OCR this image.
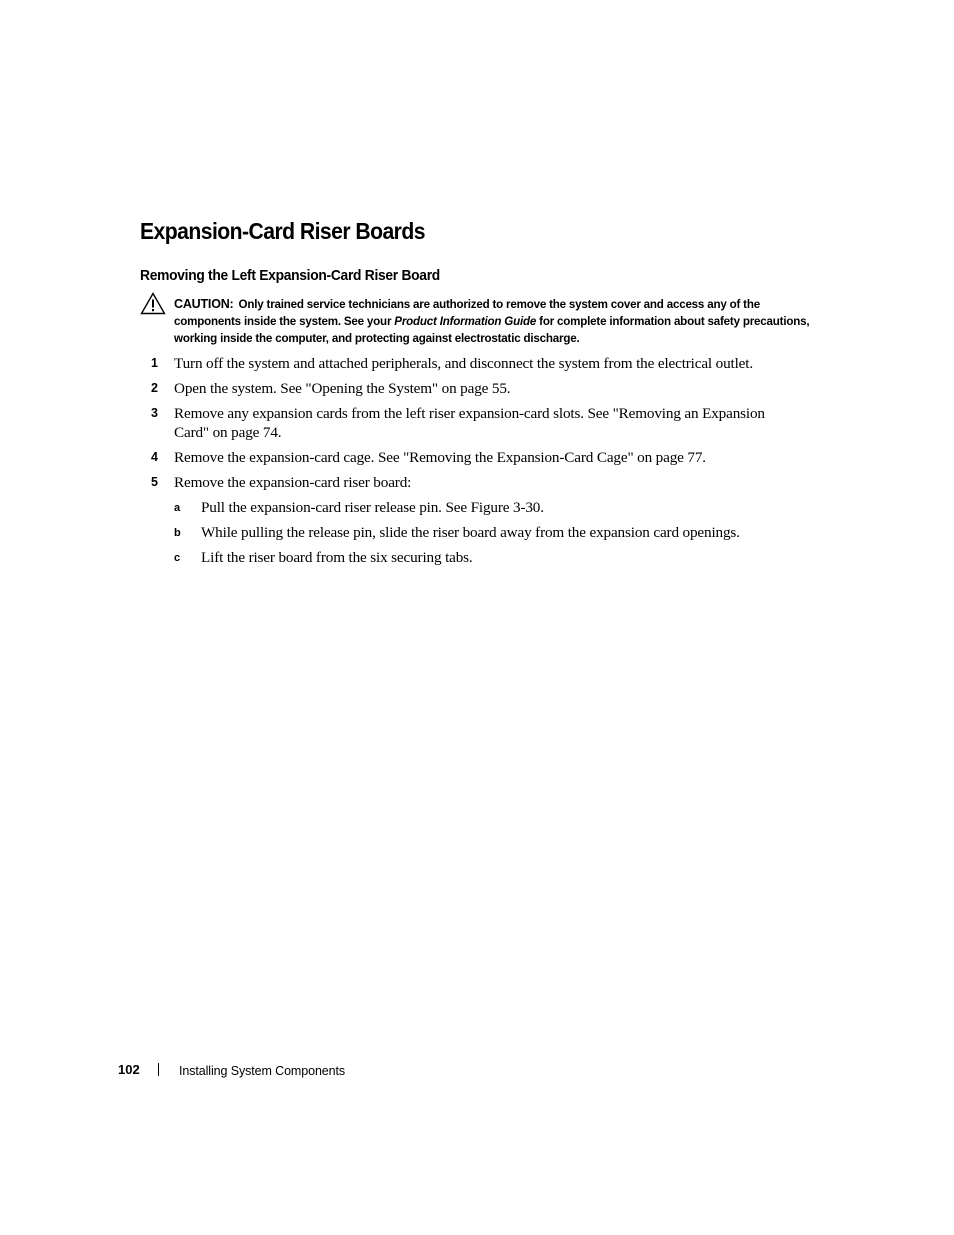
Expansion-Card Riser Boards
Removing the Left Expansion-Card Riser Board
CAUTION: Only trained service technicians are authorized to remove the system cover and access any of the components inside the system. See your Product Information Guide for complete information about safety precautions, working inside the computer, and protecting against electrostatic discharge.
1 Turn off the system and attached peripherals, and disconnect the system from the electrical outlet.
2 Open the system. See "Opening the System" on page 55.
3 Remove any expansion cards from the left riser expansion-card slots. See "Removing an Expansion
Card" on page 74.
4 Remove the expansion-card cage. See "Removing the Expansion-Card Cage" on page 77.
5 Remove the expansion-card riser board:
a Pull the expansion-card riser release pin. See Figure 3-30.
b While pulling the release pin, slide the riser board away from the expansion card openings.
c Lift the riser board from the six securing tabs.
102	Installing System Components
